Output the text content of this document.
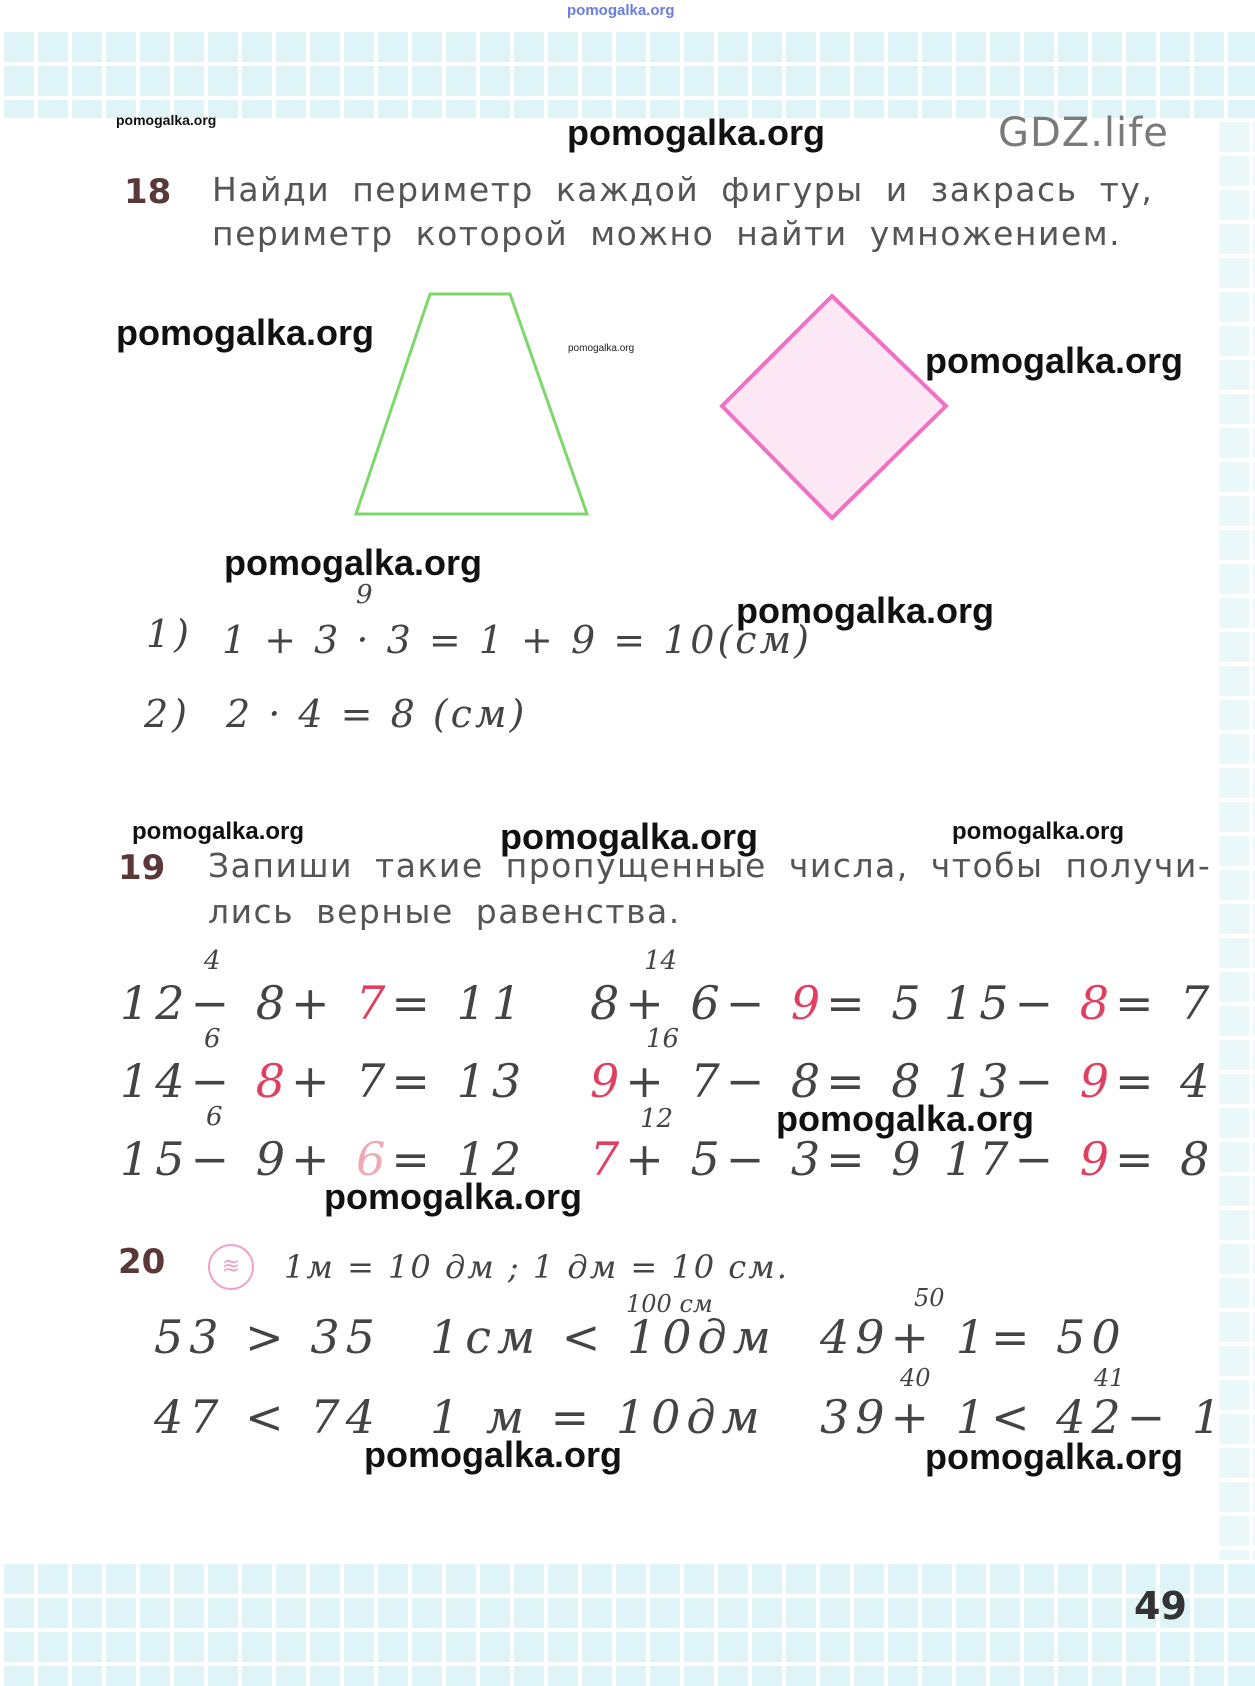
pomogalka.org
pomogalka.org	pomogalka.org	GDZ.life
18 Найди периметр каждой фигуры и закрась ту,
периметр которой можно найти умножением.
pomogalka.org	pomogalka.org	pomogalka.org
pomogalka.org
pomogalka.org
1)
9
1 + 3 · 3 = 1 + 9 = 10(см)
2) 2 · 4 = 8 (см)
pomogalka.org	pomogalka.org	pomogalka.org
19 Запиши такие пропущенные числа, чтобы получи-
лись верные равенства.
4
12− 8+ 7= 11
14
8+ 6− 9= 5 15− 8= 7
6
14− 8+ 7= 13
16
9+ 7− 8= 8 13− 9= 4
pomogalka.org
6
15− 9+ 6= 12
12
7+ 5− 3= 9 17− 9= 8
pomogalka.org
20	≋	1м = 10 дм ; 1 дм = 10 см.
100 см	50
53 > 35 1см < 10дм 49+ 1= 50
40	41
47 < 74 1 м = 10дм 39+ 1< 42− 1
pomogalka.org	pomogalka.org
49
